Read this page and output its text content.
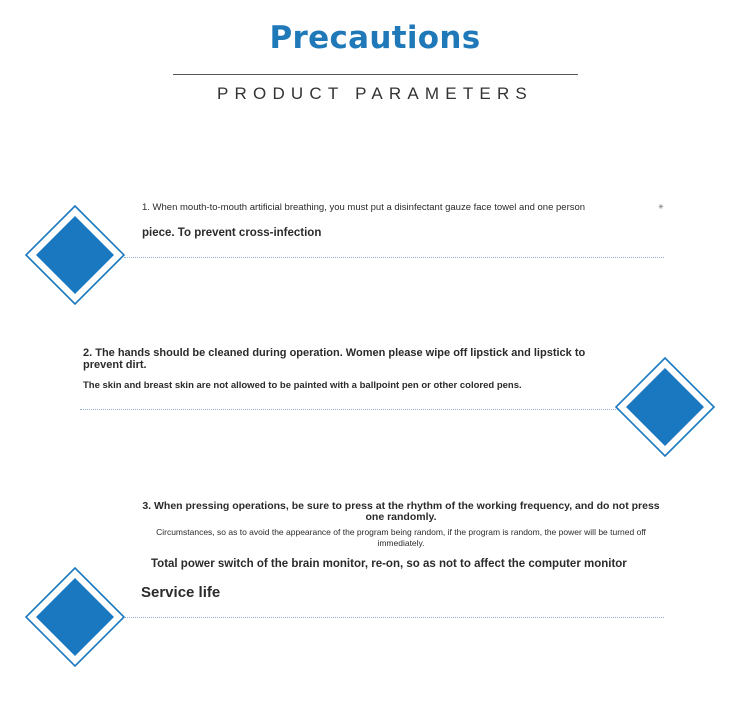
Precautions
PRODUCT PARAMETERS
1. When mouth-to-mouth artificial breathing, you must put a disinfectant gauze face towel and one person	✳
piece. To prevent cross-infection
2. The hands should be cleaned during operation. Women please wipe off lipstick and lipstick to prevent dirt.
The skin and breast skin are not allowed to be painted with a ballpoint pen or other colored pens.
3. When pressing operations, be sure to press at the rhythm of the working frequency, and do not press one randomly.
Circumstances, so as to avoid the appearance of the program being random, if the program is random, the power will be turned off immediately.
Total power switch of the brain monitor, re-on, so as not to affect the computer monitor
Service life
